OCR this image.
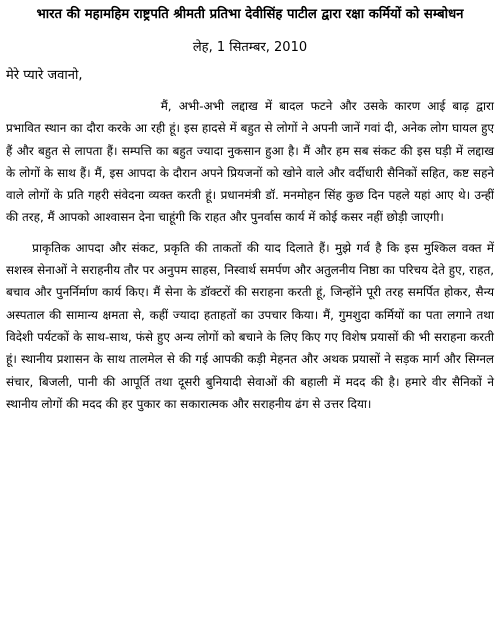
भारत की महामहिम राष्ट्रपति श्रीमती प्रतिभा देवीसिंह पाटील द्वारा रक्षा कर्मियों को सम्बोधन
लेह, 1 सितम्बर, 2010
मेरे प्यारे जवानो,

मैं, अभी-अभी लद्दाख में बादल फटने और उसके कारण आई बाढ़ द्वारा प्रभावित स्थान का दौरा करके आ रही हूं। इस हादसे में बहुत से लोगों ने अपनी जानें गवां दी, अनेक लोग घायल हुए हैं और बहुत से लापता हैं। सम्पत्ति का बहुत ज्यादा नुकसान हुआ है। मैं और हम सब संकट की इस घड़ी में लद्दाख के लोगों के साथ हैं। मैं, इस आपदा के दौरान अपने प्रियजनों को खोने वाले और वर्दीधारी सैनिकों सहित, कष्ट सहने वाले लोगों के प्रति गहरी संवेदना व्यक्त करती हूं। प्रधानमंत्री डॉ. मनमोहन सिंह कुछ दिन पहले यहां आए थे। उन्हीं की तरह, मैं आपको आश्वासन देना चाहूंगी कि राहत और पुनर्वास कार्य में कोई कसर नहीं छोड़ी जाएगी।

प्राकृतिक आपदा और संकट, प्रकृति की ताकतों की याद दिलाते हैं। मुझे गर्व है कि इस मुश्किल वक्त में सशस्त्र सेनाओं ने सराहनीय तौर पर अनुपम साहस, निस्वार्थ समर्पण और अतुलनीय निष्ठा का परिचय देते हुए, राहत, बचाव और पुनर्निर्माण कार्य किए। मैं सेना के डॉक्टरों की सराहना करती हूं, जिन्होंने पूरी तरह समर्पित होकर, सैन्य अस्पताल की सामान्य क्षमता से, कहीं ज्यादा हताहतों का उपचार किया। मैं, गुमशुदा कर्मियों का पता लगाने तथा विदेशी पर्यटकों के साथ-साथ, फंसे हुए अन्य लोगों को बचाने के लिए किए गए विशेष प्रयासों की भी सराहना करती हूं। स्थानीय प्रशासन के साथ तालमेल से की गई आपकी कड़ी मेहनत और अथक प्रयासों ने सड़क मार्ग और सिग्नल संचार, बिजली, पानी की आपूर्ति तथा दूसरी बुनियादी सेवाओं की बहाली में मदद की है। हमारे वीर सैनिकों ने स्थानीय लोगों की मदद की हर पुकार का सकारात्मक और सराहनीय ढंग से उत्तर दिया।
